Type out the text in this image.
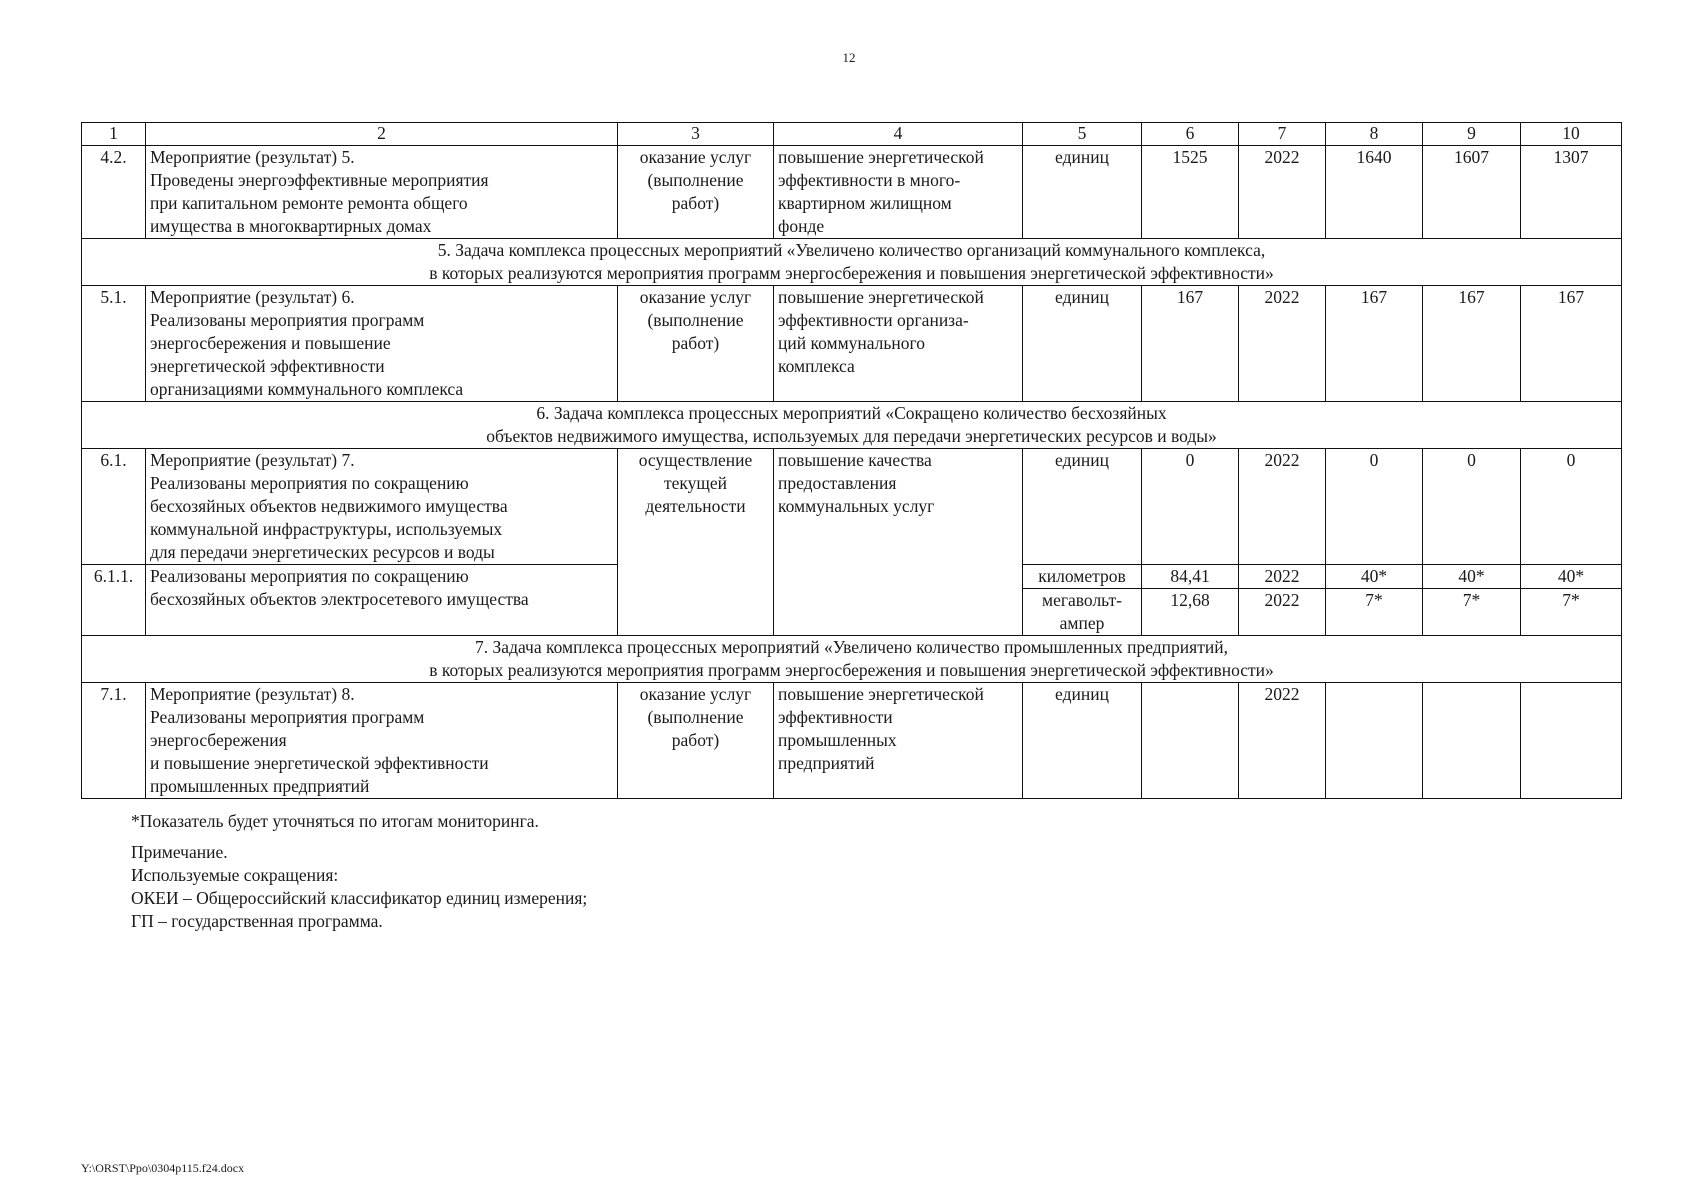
12
1	2	3	4	5	6	7	8	9	10
4.2.	Мероприятие (результат) 5.
Проведены энергоэффективные мероприятия
при капитальном ремонте ремонта общего
имущества в многоквартирных домах	оказание услуг
(выполнение
работ)	повышение энергетической
эффективности в много-
квартирном жилищном
фонде	единиц	1525	2022	1640	1607	1307

5. Задача комплекса процессных мероприятий «Увеличено количество организаций коммунального комплекса,
в которых реализуются мероприятия программ энергосбережения и повышения энергетической эффективности»									

5.1.	Мероприятие (результат) 6.
Реализованы мероприятия программ
энергосбережения и повышение
энергетической эффективности
организациями коммунального комплекса	оказание услуг
(выполнение
работ)	повышение энергетической
эффективности организа-
ций коммунального
комплекса	единиц	167	2022	167	167	167

6. Задача комплекса процессных мероприятий «Сокращено количество бесхозяйных
объектов недвижимого имущества, используемых для передачи энергетических ресурсов и воды»									

6.1.	Мероприятие (результат) 7.
Реализованы мероприятия по сокращению
бесхозяйных объектов недвижимого имущества
коммунальной инфраструктуры, используемых
для передачи энергетических ресурсов и воды	осуществление
текущей
деятельности	повышение качества
предоставления
коммунальных услуг	единиц	0	2022	0	0	0
6.1.1.	Реализованы мероприятия по сокращению
бесхозяйных объектов электросетевого имущества			километров	84,41	2022	40*	40*	40*

				мегавольт-
ампер	12,68	2022	7*	7*	7*

7. Задача комплекса процессных мероприятий «Увеличено количество промышленных предприятий,
в которых реализуются мероприятия программ энергосбережения и повышения энергетической эффективности»									

7.1.	Мероприятие (результат) 8.
Реализованы мероприятия программ
энергосбережения
и повышение энергетической эффективности
промышленных предприятий	оказание услуг
(выполнение
работ)	повышение энергетической
эффективности
промышленных
предприятий	единиц		2022			
*Показатель будет уточняться по итогам мониторинга.
Примечание.
Используемые сокращения:
ОКЕИ – Общероссийский классификатор единиц измерения;
ГП – государственная программа.
Y:\ORST\Ppo\0304p115.f24.docx
